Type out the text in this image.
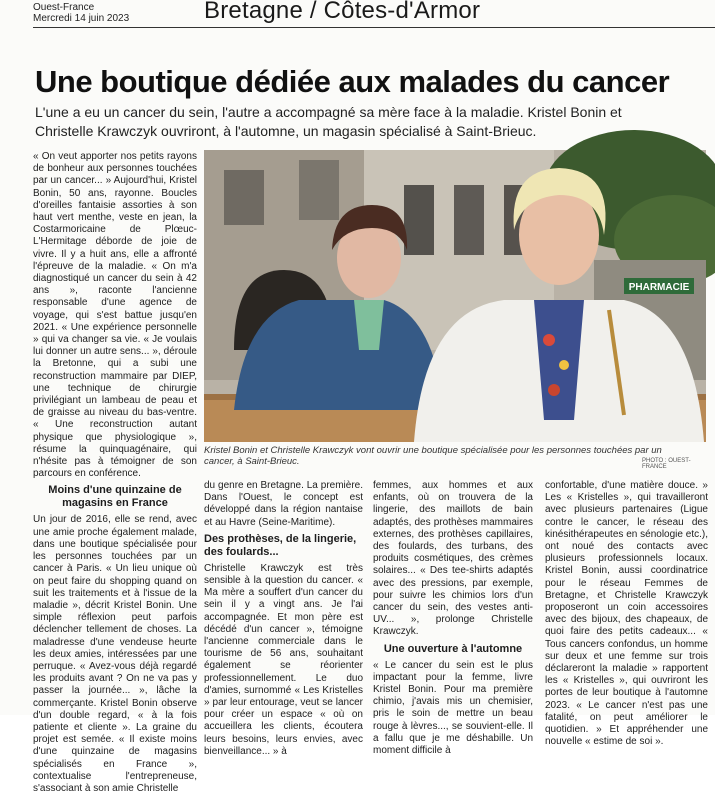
Ouest-France
Mercredi 14 juin 2023	Bretagne / Côtes-d'Armor
Une boutique dédiée aux malades du cancer
L'une a eu un cancer du sein, l'autre a accompagné sa mère face à la maladie. Kristel Bonin et Christelle Krawczyk ouvriront, à l'automne, un magasin spécialisé à Saint-Brieuc.
PHARMACIE
Kristel Bonin et Christelle Krawczyk vont ouvrir une boutique spécialisée pour les personnes touchées par un cancer, à Saint-Brieuc.	PHOTO : OUEST-FRANCE

« On veut apporter nos petits rayons de bonheur aux personnes touchées par un cancer... » Aujourd'hui, Kristel Bonin, 50 ans, rayonne. Boucles d'oreilles fantaisie assorties à son haut vert menthe, veste en jean, la Costarmoricaine de Plœuc-L'Hermitage déborde de joie de vivre. Il y a huit ans, elle a affronté l'épreuve de la maladie. « On m'a diagnostiqué un cancer du sein à 42 ans », raconte l'ancienne responsable d'une agence de voyage, qui s'est battue jusqu'en 2021. « Une expérience personnelle » qui va changer sa vie. « Je voulais lui donner un autre sens... », déroule la Bretonne, qui a subi une reconstruction mammaire par DIEP, une technique de chirurgie privilégiant un lambeau de peau et de graisse au niveau du bas-ventre. « Une reconstruction autant physique que physiologique », résume la quinquagénaire, qui n'hésite pas à témoigner de son parcours en conférence.

Moins d'une quinzaine de magasins en France

Un jour de 2016, elle se rend, avec une amie proche également malade, dans une boutique spécialisée pour les personnes touchées par un cancer à Paris. « Un lieu unique où on peut faire du shopping quand on suit les traitements et à l'issue de la maladie », décrit Kristel Bonin. Une simple réflexion peut parfois déclencher tellement de choses. La maladresse d'une vendeuse heurte les deux amies, intéressées par une perruque. « Avez-vous déjà regardé les produits avant ? On ne va pas y passer la journée... », lâche la commerçante. Kristel Bonin observe d'un double regard, « à la fois patiente et cliente ». La graine du projet est semée. « Il existe moins d'une quinzaine de magasins spécialisés en France », contextualise l'entrepreneuse, s'associant à son amie Christelle

du genre en Bretagne. La première. Dans l'Ouest, le concept est développé dans la région nantaise et au Havre (Seine-Maritime).

Des prothèses, de la lingerie, des foulards...

Christelle Krawczyk est très sensible à la question du cancer. « Ma mère a souffert d'un cancer du sein il y a vingt ans. Je l'ai accompagnée. Et mon père est décédé d'un cancer », témoigne l'ancienne commerciale dans le tourisme de 56 ans, souhaitant également se réorienter professionnellement. Le duo d'amies, surnommé « Les Kristelles » par leur entourage, veut se lancer pour créer un espace « où on accueillera les clients, écoutera leurs besoins, leurs envies, avec bienveillance... » à

femmes, aux hommes et aux enfants, où on trouvera de la lingerie, des maillots de bain adaptés, des prothèses mammaires externes, des prothèses capillaires, des foulards, des turbans, des produits cosmétiques, des crèmes solaires... « Des tee-shirts adaptés avec des pressions, par exemple, pour suivre les chimios lors d'un cancer du sein, des vestes anti-UV... », prolonge Christelle Krawczyk.

Une ouverture à l'automne

« Le cancer du sein est le plus impactant pour la femme, livre Kristel Bonin. Pour ma première chimio, j'avais mis un chemisier, pris le soin de mettre un beau rouge à lèvres..., se souvient-elle. Il a fallu que je me déshabille. Un moment difficile à

confortable, d'une matière douce. » Les « Kristelles », qui travailleront avec plusieurs partenaires (Ligue contre le cancer, le réseau des kinésithérapeutes en sénologie etc.), ont noué des contacts avec plusieurs professionnels locaux. Kristel Bonin, aussi coordinatrice pour le réseau Femmes de Bretagne, et Christelle Krawczyk proposeront un coin accessoires avec des bijoux, des chapeaux, de quoi faire des petits cadeaux... « Tous cancers confondus, un homme sur deux et une femme sur trois déclareront la maladie » rapportent les « Kristelles », qui ouvriront les portes de leur boutique à l'automne 2023. « Le cancer n'est pas une fatalité, on peut améliorer le quotidien. » Et appréhender une nouvelle « estime de soi ».
